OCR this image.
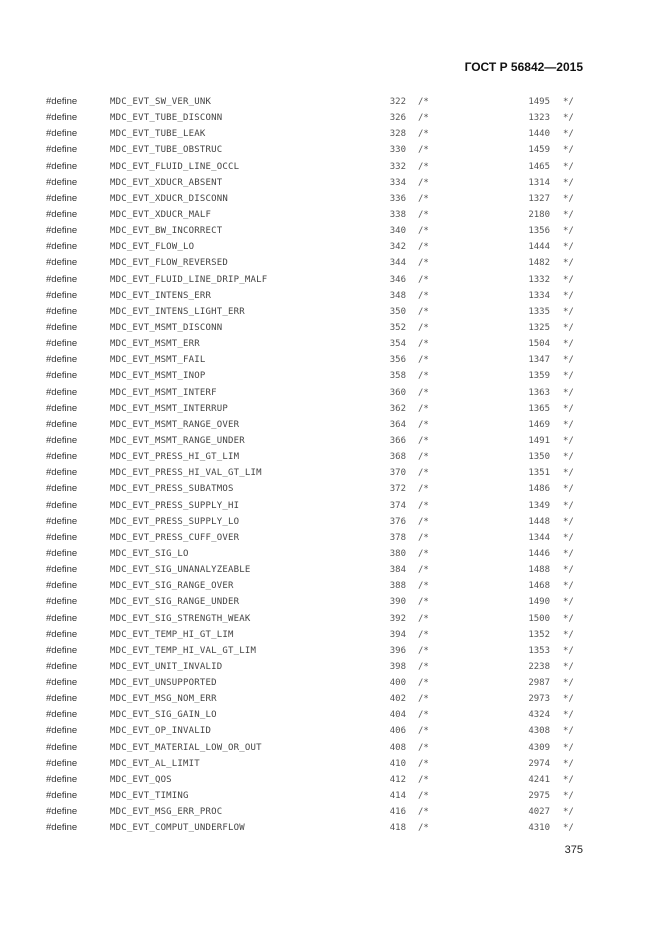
ГОСТ Р 56842—2015
#define	MDC_EVT_SW_VER_UNK	322 /*	1495 */
#define	MDC_EVT_TUBE_DISCONN	326 /*	1323 */
#define	MDC_EVT_TUBE_LEAK	328 /*	1440 */
#define	MDC_EVT_TUBE_OBSTRUC	330 /*	1459 */
#define	MDC_EVT_FLUID_LINE_OCCL	332 /*	1465 */
#define	MDC_EVT_XDUCR_ABSENT	334 /*	1314 */
#define	MDC_EVT_XDUCR_DISCONN	336 /*	1327 */
#define	MDC_EVT_XDUCR_MALF	338 /*	2180 */
#define	MDC_EVT_BW_INCORRECT	340 /*	1356 */
#define	MDC_EVT_FLOW_LO	342 /*	1444 */
#define	MDC_EVT_FLOW_REVERSED	344 /*	1482 */
#define	MDC_EVT_FLUID_LINE_DRIP_MALF	346 /*	1332 */
#define	MDC_EVT_INTENS_ERR	348 /*	1334 */
#define	MDC_EVT_INTENS_LIGHT_ERR	350 /*	1335 */
#define	MDC_EVT_MSMT_DISCONN	352 /*	1325 */
#define	MDC_EVT_MSMT_ERR	354 /*	1504 */
#define	MDC_EVT_MSMT_FAIL	356 /*	1347 */
#define	MDC_EVT_MSMT_INOP	358 /*	1359 */
#define	MDC_EVT_MSMT_INTERF	360 /*	1363 */
#define	MDC_EVT_MSMT_INTERRUP	362 /*	1365 */
#define	MDC_EVT_MSMT_RANGE_OVER	364 /*	1469 */
#define	MDC_EVT_MSMT_RANGE_UNDER	366 /*	1491 */
#define	MDC_EVT_PRESS_HI_GT_LIM	368 /*	1350 */
#define	MDC_EVT_PRESS_HI_VAL_GT_LIM	370 /*	1351 */
#define	MDC_EVT_PRESS_SUBATMOS	372 /*	1486 */
#define	MDC_EVT_PRESS_SUPPLY_HI	374 /*	1349 */
#define	MDC_EVT_PRESS_SUPPLY_LO	376 /*	1448 */
#define	MDC_EVT_PRESS_CUFF_OVER	378 /*	1344 */
#define	MDC_EVT_SIG_LO	380 /*	1446 */
#define	MDC_EVT_SIG_UNANALYZEABLE	384 /*	1488 */
#define	MDC_EVT_SIG_RANGE_OVER	388 /*	1468 */
#define	MDC_EVT_SIG_RANGE_UNDER	390 /*	1490 */
#define	MDC_EVT_SIG_STRENGTH_WEAK	392 /*	1500 */
#define	MDC_EVT_TEMP_HI_GT_LIM	394 /*	1352 */
#define	MDC_EVT_TEMP_HI_VAL_GT_LIM	396 /*	1353 */
#define	MDC_EVT_UNIT_INVALID	398 /*	2238 */
#define	MDC_EVT_UNSUPPORTED	400 /*	2987 */
#define	MDC_EVT_MSG_NOM_ERR	402 /*	2973 */
#define	MDC_EVT_SIG_GAIN_LO	404 /*	4324 */
#define	MDC_EVT_OP_INVALID	406 /*	4308 */
#define	MDC_EVT_MATERIAL_LOW_OR_OUT	408 /*	4309 */
#define	MDC_EVT_AL_LIMIT	410 /*	2974 */
#define	MDC_EVT_QOS	412 /*	4241 */
#define	MDC_EVT_TIMING	414 /*	2975 */
#define	MDC_EVT_MSG_ERR_PROC	416 /*	4027 */
#define	MDC_EVT_COMPUT_UNDERFLOW	418 /*	4310 */
375
